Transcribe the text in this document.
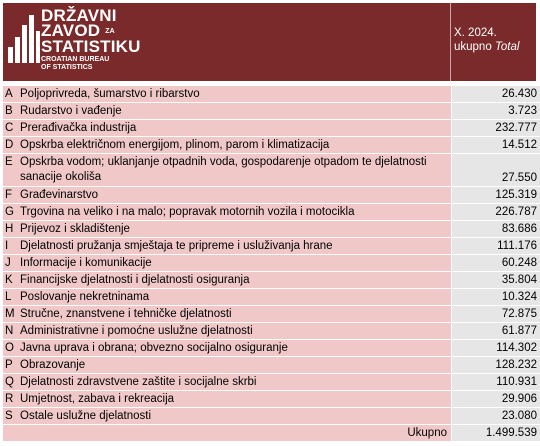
DRŽAVNI
ZAVOD ZA
STATISTIKU
CROATIAN BUREAU
OF STATISTICS
X. 2024.
ukupno Total
A	Poljoprivreda, šumarstvo i ribarstvo	26.430
B	Rudarstvo i vađenje	3.723
C	Prerađivačka industrija	232.777
D	Opskrba električnom energijom, plinom, parom i klimatizacija	14.512
E	Opskrba vodom; uklanjanje otpadnih voda, gospodarenje otpadom te djelatnosti sanacije okoliša	27.550
F	Građevinarstvo	125.319
G	Trgovina na veliko i na malo; popravak motornih vozila i motocikla	226.787
H	Prijevoz i skladištenje	83.686
I	Djelatnosti pružanja smještaja te pripreme i usluživanja hrane	111.176
J	Informacije i komunikacije	60.248
K	Financijske djelatnosti i djelatnosti osiguranja	35.804
L	Poslovanje nekretninama	10.324
M	Stručne, znanstvene i tehničke djelatnosti	72.875
N	Administrativne i pomoćne uslužne djelatnosti	61.877
O	Javna uprava i obrana; obvezno socijalno osiguranje	114.302
P	Obrazovanje	128.232
Q	Djelatnosti zdravstvene zaštite i socijalne skrbi	110.931
R	Umjetnost, zabava i rekreacija	29.906
S	Ostale uslužne djelatnosti	23.080
Ukupno		1.499.539
